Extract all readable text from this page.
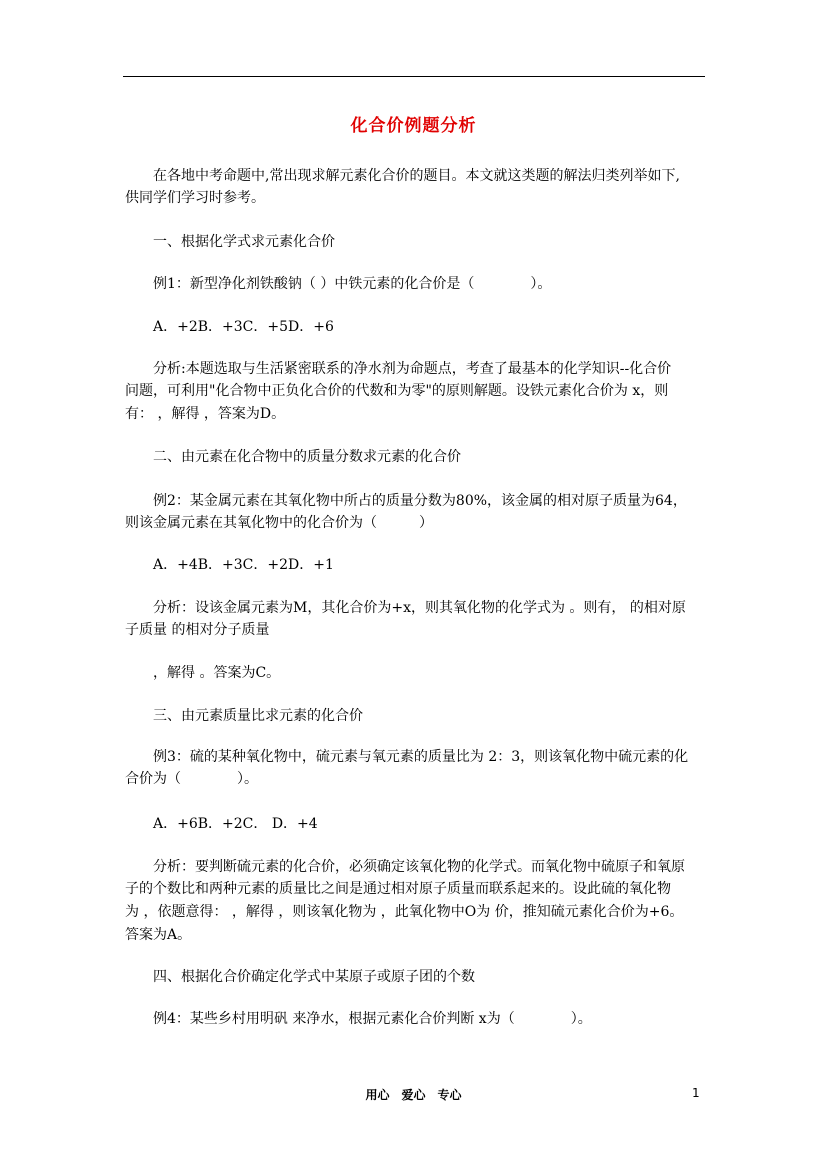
化合价例题分析
在各地中考命题中,常出现求解元素化合价的题目。本文就这类题的解法归类列举如下,
供同学们学习时参考。
一、根据化学式求元素化合价
例1：新型净化剂铁酸钠（ ）中铁元素的化合价是（　　　　）。
A．+2B．+3C．+5D．+6
分析:本题选取与生活紧密联系的净水剂为命题点，考查了最基本的化学知识--化合价
问题，可利用"化合物中正负化合价的代数和为零"的原则解题。设铁元素化合价为 x，则
有： ，解得 ，答案为D。
二、由元素在化合物中的质量分数求元素的化合价
例2：某金属元素在其氧化物中所占的质量分数为80%，该金属的相对原子质量为64，
则该金属元素在其氧化物中的化合价为（　　　）
A．+4B．+3C．+2D．+1
分析：设该金属元素为M，其化合价为+x，则其氧化物的化学式为 。则有， 的相对原
子质量 的相对分子质量
，解得 。答案为C。
三、由元素质量比求元素的化合价
例3：硫的某种氧化物中，硫元素与氧元素的质量比为 2：3，则该氧化物中硫元素的化
合价为（　　　　）。
A．+6B．+2C． D．+4
分析：要判断硫元素的化合价，必须确定该氧化物的化学式。而氧化物中硫原子和氧原
子的个数比和两种元素的质量比之间是通过相对原子质量而联系起来的。设此硫的氧化物
为 ，依题意得： ，解得 ，则该氧化物为 ，此氧化物中O为 价，推知硫元素化合价为+6。
答案为A。
四、根据化合价确定化学式中某原子或原子团的个数
例4：某些乡村用明矾 来净水，根据元素化合价判断 x为（　　　　）。
用心　爱心　专心	1
